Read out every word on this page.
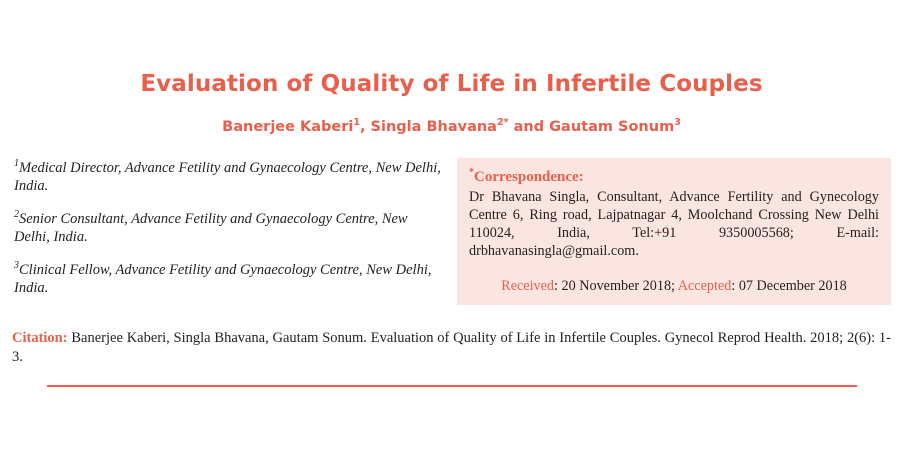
Evaluation of Quality of Life in Infertile Couples
Banerjee Kaberi$^1$, Singla Bhavana$^{2*}$ and Gautam Sonum$^3$

$^1$Medical Director, Advance Fetility and Gynaecology Centre, New Delhi, India.

$^2$Senior Consultant, Advance Fetility and Gynaecology Centre, New Delhi, India.

$^3$Clinical Fellow, Advance Fetility and Gynaecology Centre, New Delhi, India.

*Correspondence:

Dr Bhavana Singla, Consultant, Advance Fertility and Gynecology Centre 6, Ring road, Lajpatnagar 4, Moolchand Crossing New Delhi 110024, India, Tel:+91 9350005568; E-mail: drbhavanasingla@gmail.com.

Received: 20 November 2018; Accepted: 07 December 2018

Citation: Banerjee Kaberi, Singla Bhavana, Gautam Sonum. Evaluation of Quality of Life in Infertile Couples. Gynecol Reprod Health. 2018; 2(6): 1-3.
